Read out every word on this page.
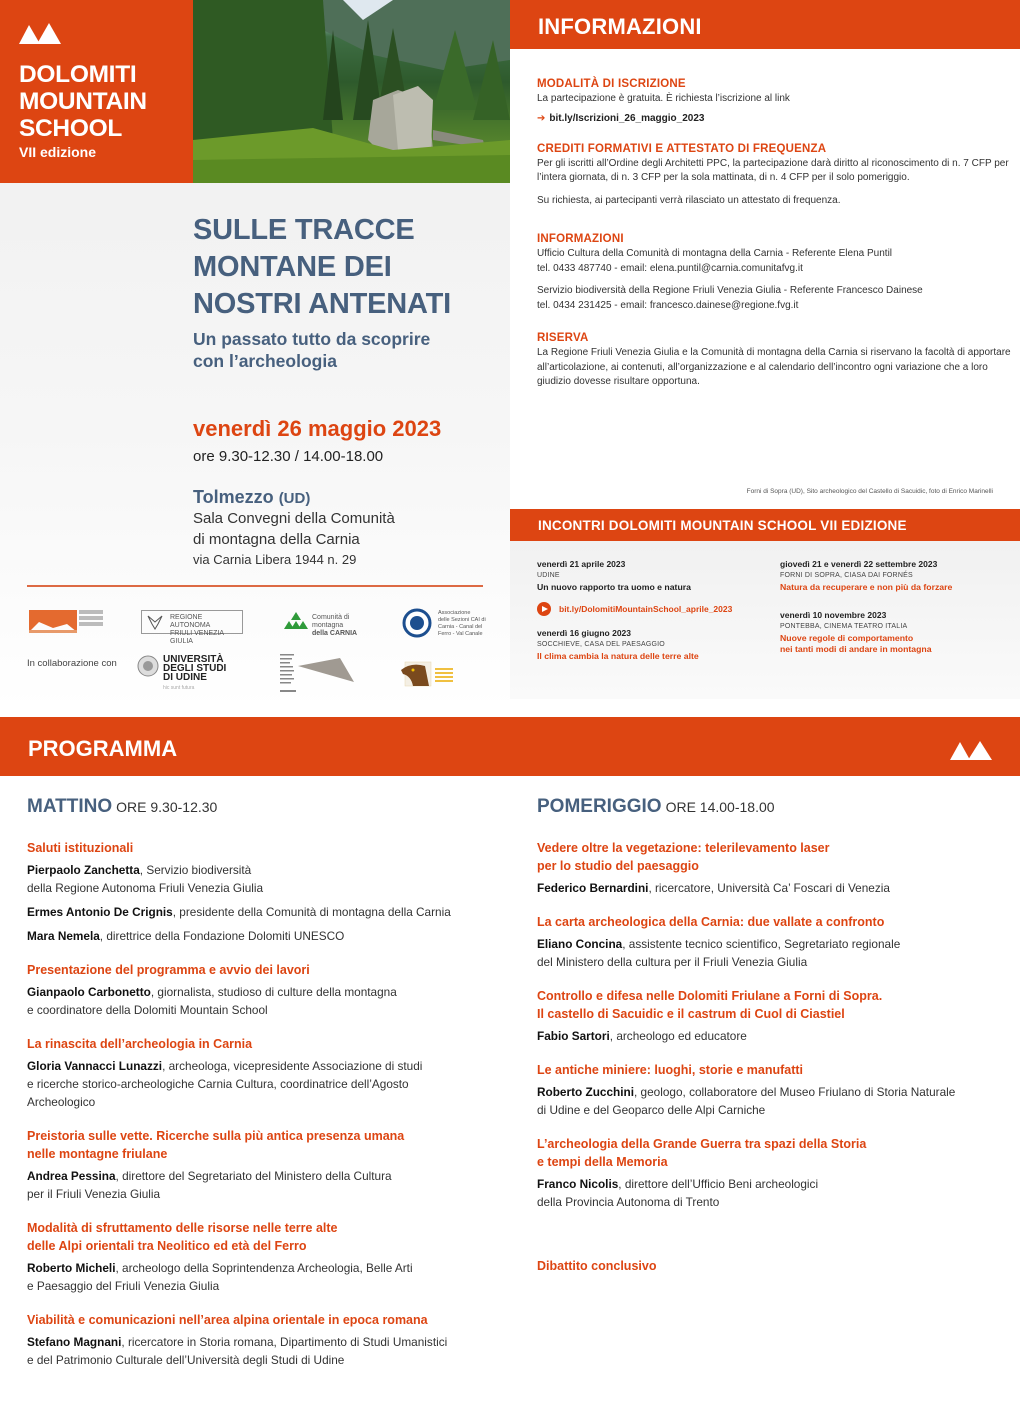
DOLOMITI
MOUNTAIN
SCHOOL
VII edizione
SULLE TRACCE
MONTANE DEI
NOSTRI ANTENATI
Un passato tutto da scoprire
con l’archeologia
venerdì 26 maggio 2023
ore 9.30-12.30 / 14.00-18.00
Tolmezzo (UD)
Sala Convegni della Comunità
di montagna della Carnia
via Carnia Libera 1944 n. 29
REGIONE AUTONOMA
FRIULI VENEZIA GIULIA
Comunità di montagna
della CARNIA
Associazione
delle Sezioni CAI di
Carnia - Canal del
Ferro - Val Canale
In collaborazione con	UNIVERSITÀ
DEGLI STUDI
DI UDINE
hic sunt futura
INFORMAZIONI
MODALITÀ DI ISCRIZIONE
La partecipazione è gratuita. È richiesta l’iscrizione al link
➔ bit.ly/Iscrizioni_26_maggio_2023
CREDITI FORMATIVI E ATTESTATO DI FREQUENZA
Per gli iscritti all’Ordine degli Architetti PPC, la partecipazione darà diritto al riconoscimento di n. 7 CFP per l’intera giornata, di n. 3 CFP per la sola mattinata, di n. 4 CFP per il solo pomeriggio.
Su richiesta, ai partecipanti verrà rilasciato un attestato di frequenza.
INFORMAZIONI
Ufficio Cultura della Comunità di montagna della Carnia - Referente Elena Puntil
tel. 0433 487740 - email: elena.puntil@carnia.comunitafvg.it
Servizio biodiversità della Regione Friuli Venezia Giulia - Referente Francesco Dainese
tel. 0434 231425 - email: francesco.dainese@regione.fvg.it
RISERVA
La Regione Friuli Venezia Giulia e la Comunità di montagna della Carnia si riservano la facoltà di apportare all’articolazione, ai contenuti, all’organizzazione e al calendario dell’incontro ogni variazione che a loro giudizio dovesse risultare opportuna.
Forni di Sopra (UD), Sito archeologico del Castello di Sacuidic, foto di Enrico Marinelli
INCONTRI DOLOMITI MOUNTAIN SCHOOL VII EDIZIONE
venerdì 21 aprile 2023
UDINE
Un nuovo rapporto tra uomo e natura
bit.ly/DolomitiMountainSchool_aprile_2023
venerdì 16 giugno 2023
SOCCHIEVE, CASA DEL PAESAGGIO
Il clima cambia la natura delle terre alte
giovedì 21 e venerdì 22 settembre 2023
FORNI DI SOPRA, CIASA DAI FORNÉS
Natura da recuperare e non più da forzare
venerdì 10 novembre 2023
PONTEBBA, CINEMA TEATRO ITALIA
Nuove regole di comportamento
nei tanti modi di andare in montagna
PROGRAMMA
MATTINO ORE 9.30-12.30
Saluti istituzionali
Pierpaolo Zanchetta, Servizio biodiversità
della Regione Autonoma Friuli Venezia Giulia
Ermes Antonio De Crignis, presidente della Comunità di montagna della Carnia
Mara Nemela, direttrice della Fondazione Dolomiti UNESCO
Presentazione del programma e avvio dei lavori
Gianpaolo Carbonetto, giornalista, studioso di culture della montagna
e coordinatore della Dolomiti Mountain School
La rinascita dell’archeologia in Carnia
Gloria Vannacci Lunazzi, archeologa, vicepresidente Associazione di studi
e ricerche storico-archeologiche Carnia Cultura, coordinatrice dell’Agosto
Archeologico
Preistoria sulle vette. Ricerche sulla più antica presenza umana
nelle montagne friulane
Andrea Pessina, direttore del Segretariato del Ministero della Cultura
per il Friuli Venezia Giulia
Modalità di sfruttamento delle risorse nelle terre alte
delle Alpi orientali tra Neolitico ed età del Ferro
Roberto Micheli, archeologo della Soprintendenza Archeologia, Belle Arti
e Paesaggio del Friuli Venezia Giulia
Viabilità e comunicazioni nell’area alpina orientale in epoca romana
Stefano Magnani, ricercatore in Storia romana, Dipartimento di Studi Umanistici
e del Patrimonio Culturale dell’Università degli Studi di Udine
POMERIGGIO ORE 14.00-18.00
Vedere oltre la vegetazione: telerilevamento laser
per lo studio del paesaggio
Federico Bernardini, ricercatore, Università Ca’ Foscari di Venezia
La carta archeologica della Carnia: due vallate a confronto
Eliano Concina, assistente tecnico scientifico, Segretariato regionale
del Ministero della cultura per il Friuli Venezia Giulia
Controllo e difesa nelle Dolomiti Friulane a Forni di Sopra.
Il castello di Sacuidic e il castrum di Cuol di Ciastiel
Fabio Sartori, archeologo ed educatore
Le antiche miniere: luoghi, storie e manufatti
Roberto Zucchini, geologo, collaboratore del Museo Friulano di Storia Naturale
di Udine e del Geoparco delle Alpi Carniche
L’archeologia della Grande Guerra tra spazi della Storia
e tempi della Memoria
Franco Nicolis, direttore dell’Ufficio Beni archeologici
della Provincia Autonoma di Trento
Dibattito conclusivo
